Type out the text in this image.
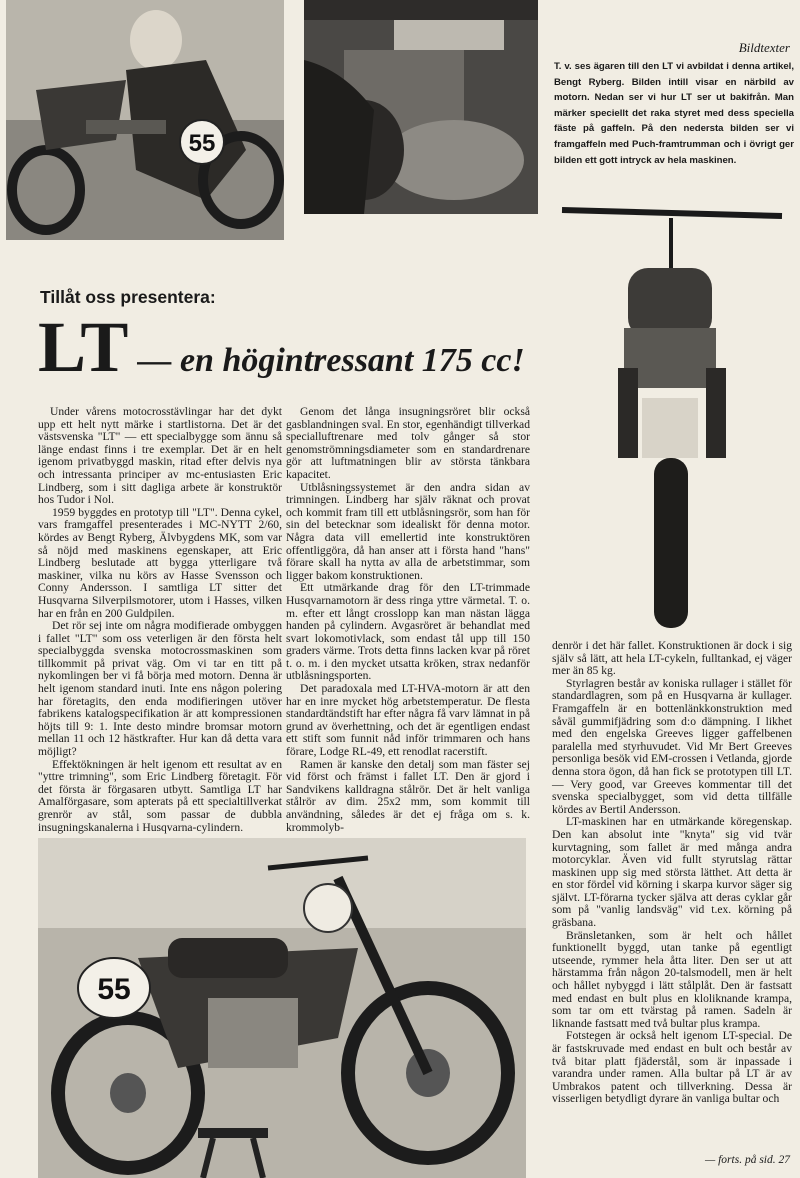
55
55

Bildtexter

T. v. ses ägaren till den LT vi avbildat i denna artikel, Bengt Ryberg. Bilden intill visar en närbild av motorn. Nedan ser vi hur LT ser ut bakifrån. Man märker speciellt det raka styret med dess speciella fäste på gaffeln. På den nedersta bilden ser vi framgaffeln med Puch-framtrumman och i övrigt ger bilden ett gott intryck av hela maskinen.

Tillåt oss presentera:

LT — en högintressant 175 cc!

Under vårens motocrosstävlingar har det dykt upp ett helt nytt märke i startlistorna. Det är det västsvenska "LT" — ett specialbygge som ännu så länge endast finns i tre exemplar. Det är en helt igenom privatbyggd maskin, ritad efter delvis nya och intressanta principer av mc-entusiasten Eric Lindberg, som i sitt dagliga arbete är konstruktör hos Tudor i Nol.

1959 byggdes en prototyp till "LT". Denna cykel, vars framgaffel presenterades i MC-NYTT 2/60, kördes av Bengt Ryberg, Älvbygdens MK, som var så nöjd med maskinens egenskaper, att Eric Lindberg beslutade att bygga ytterligare två maskiner, vilka nu körs av Hasse Svensson och Conny Andersson. I samtliga LT sitter det Husqvarna Silverpilsmotorer, utom i Hasses, vilken har en från en 200 Guldpilen.

Det rör sej inte om några modifierade ombyggen i fallet "LT" som oss veterligen är den första helt specialbyggda svenska motocrossmaskinen som tillkommit på privat väg. Om vi tar en titt på nykomlingen ber vi få börja med motorn. Denna är helt igenom standard inuti. Inte ens någon polering har företagits, den enda modifieringen utöver fabrikens katalogspecifikation är att kompressionen höjts till 9: 1. Inte desto mindre bromsar motorn mellan 11 och 12 hästkrafter. Hur kan då detta vara möjligt?

Effektökningen är helt igenom ett resultat av en "yttre trimning", som Eric Lindberg företagit. För det första är förgasaren utbytt. Samtliga LT har Amalförgasare, som apterats på ett specialtillverkat grenrör av stål, som passar de dubbla insugningskanalerna i Husqvarna-cylindern.

Genom det långa insugningsröret blir också gasblandningen sval. En stor, egenhändigt tillverkad specialluftrenare med tolv gånger så stor genomströmningsdiameter som en standardrenare gör att luftmatningen blir av största tänkbara kapacitet.

Utblåsningssystemet är den andra sidan av trimningen. Lindberg har själv räknat och provat och kommit fram till ett utblåsningsrör, som han för sin del betecknar som idealiskt för denna motor. Några data vill emellertid inte konstruktören offentliggöra, då han anser att i första hand "hans" förare skall ha nytta av alla de arbetstimmar, som ligger bakom konstruktionen.

Ett utmärkande drag för den LT-trimmade Husqvarnamotorn är dess ringa yttre värmetal. T. o. m. efter ett långt crosslopp kan man nästan lägga handen på cylindern. Avgasröret är behandlat med svart lokomotivlack, som endast tål upp till 150 graders värme. Trots detta finns lacken kvar på röret t. o. m. i den mycket utsatta kröken, strax nedanför utblåsningsporten.

Det paradoxala med LT-HVA-motorn är att den har en inre mycket hög arbetstemperatur. De flesta standardtändstift har efter några få varv lämnat in på grund av överhettning, och det är egentligen endast ett stift som funnit nåd inför trimmaren och hans förare, Lodge RL-49, ett renodlat racerstift.

Ramen är kanske den detalj som man fäster sej vid först och främst i fallet LT. Den är gjord i Sandvikens kalldragna stålrör. Det är helt vanliga stålrör av dim. 25x2 mm, som kommit till användning, således är det ej fråga om s. k. krommolyb-

denrör i det här fallet. Konstruktionen är dock i sig själv så lätt, att hela LT-cykeln, fulltankad, ej väger mer än 85 kg.

Styrlagren består av koniska rullager i stället för standardlagren, som på en Husqvarna är kullager. Framgaffeln är en bottenlänkkonstruktion med såväl gummifjädring som d:o dämpning. I likhet med den engelska Greeves ligger gaffelbenen paralella med styrhuvudet. Vid Mr Bert Greeves personliga besök vid EM-crossen i Vetlanda, gjorde denna stora ögon, då han fick se prototypen till LT. — Very good, var Greeves kommentar till det svenska specialbygget, som vid detta tillfälle kördes av Bertil Andersson.

LT-maskinen har en utmärkande köregenskap. Den kan absolut inte "knyta" sig vid tvär kurvtagning, som fallet är med många andra motorcyklar. Även vid fullt styrutslag rättar maskinen upp sig med största lätthet. Att detta är en stor fördel vid körning i skarpa kurvor säger sig självt. LT-förarna tycker själva att deras cyklar går som på "vanlig landsväg" vid t.ex. körning på gräsbana.

Bränsletanken, som är helt och hållet funktionellt byggd, utan tanke på egentligt utseende, rymmer hela åtta liter. Den ser ut att härstamma från någon 20-talsmodell, men är helt och hållet nybyggd i lätt stålplåt. Den är fastsatt med endast en bult plus en kloliknande krampa, som tar om ett tvärstag på ramen. Sadeln är liknande fastsatt med två bultar plus krampa.

Fotstegen är också helt igenom LT-special. De är fastskruvade med endast en bult och består av två bitar platt fjäderstål, som är inpassade i varandra under ramen. Alla bultar på LT är av Umbrakos patent och tillverkning. Dessa är visserligen betydligt dyrare än vanliga bultar och

— forts. på sid. 27
